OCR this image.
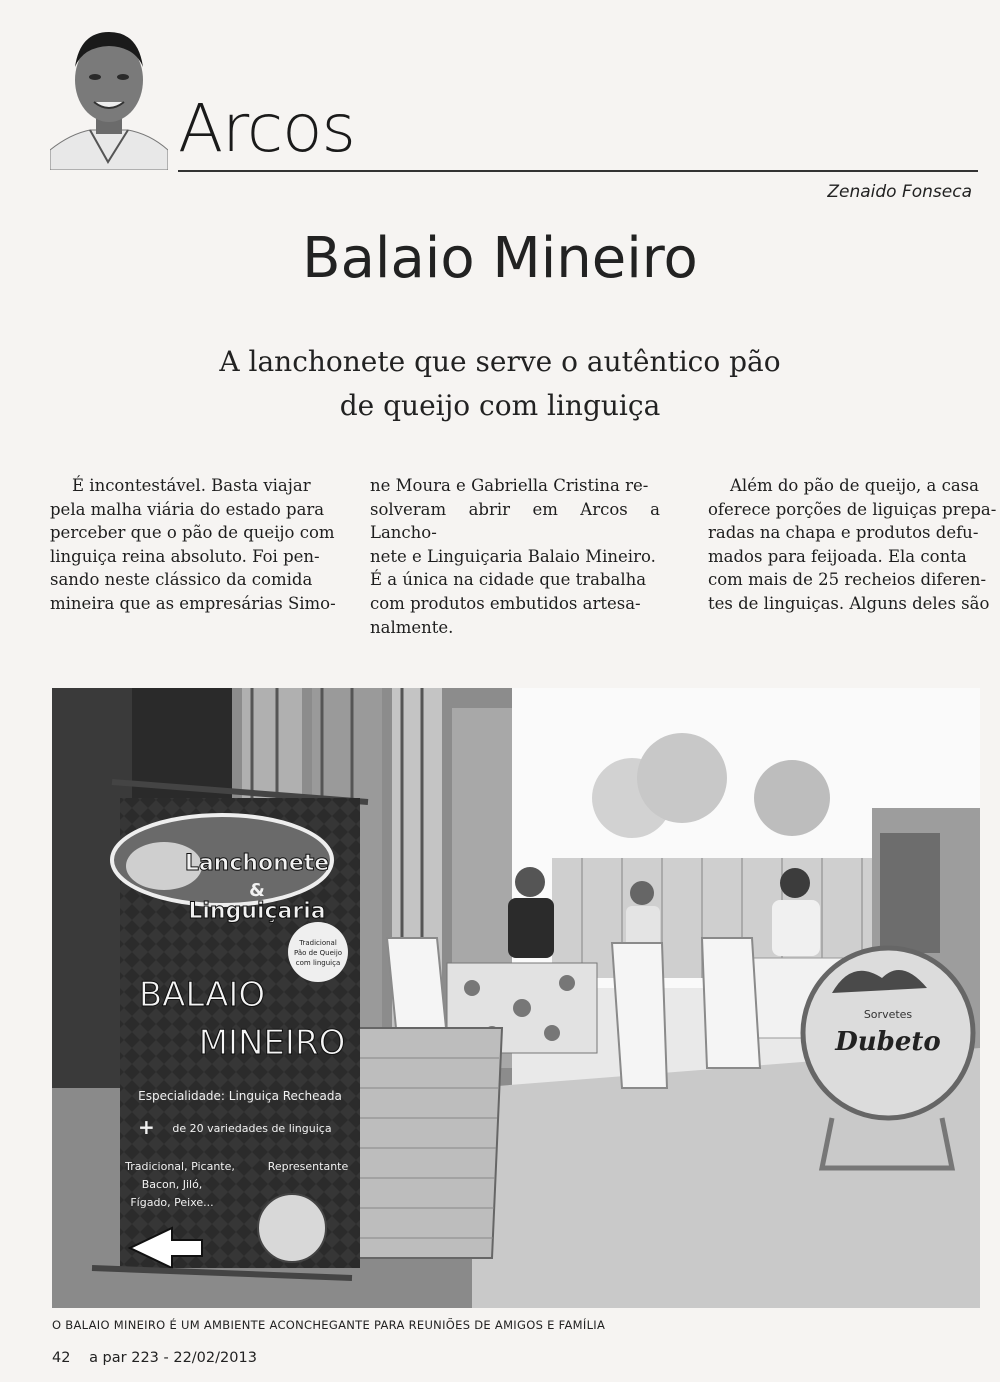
Arcos
Zenaido Fonseca
Balaio Mineiro
A lanchonete que serve o autêntico pão
de queijo com linguiça
É incontestável. Basta viajar
pela malha viária do estado para
perceber que o pão de queijo com
linguiça reina absoluto. Foi pen-
sando neste clássico da comida
mineira que as empresárias Simo-
ne Moura e Gabriella Cristina re-
solveram abrir em Arcos a Lancho-
nete e Linguiçaria Balaio Mineiro.
É a única na cidade que trabalha
com produtos embutidos artesa-
nalmente.
Além do pão de queijo, a casa
oferece porções de liguiças prepa-
radas na chapa e produtos defu-
mados para feijoada. Ela conta
com mais de 25 recheios diferen-
tes de linguiças. Alguns deles são
Sorvetes
Dubeto
Lanchonete
&
Linguiçaria
Tradicional
Pão de Queijo
com linguiça
BALAIO
MINEIRO
Especialidade: Linguiça Recheada
+ de 20 variedades de linguiça
Tradicional, Picante,
Bacon, Jiló,
Fígado, Peixe...
Representante
O BALAIO MINEIRO É UM AMBIENTE ACONCHEGANTE PARA REUNIÕES DE AMIGOS E FAMÍLIA
42 a par 223 - 22/02/2013
